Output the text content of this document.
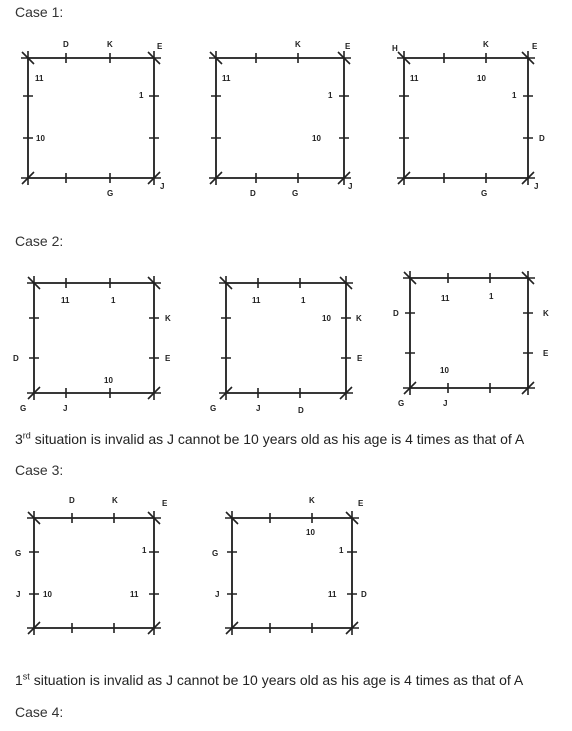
Case 1:
Case 2:
3rd situation is invalid as J cannot be 10 years old as his age is 4 times as that of A
Case 3:
1st situation is invalid as J cannot be 10 years old as his age is 4 times as that of A
Case 4:
D	K	E
11
1
10
G
J
K	E
11
1
10
D	G
J
H	K	E
11	10
1
D
G
J
11	1
K
D	E
10
G	J
11	1
10	K
E
G	J	D
11	1
D	K
E
10
G	J
D	K	E
G	1
J	10	11
K	E
10
G	1
J	11	D
